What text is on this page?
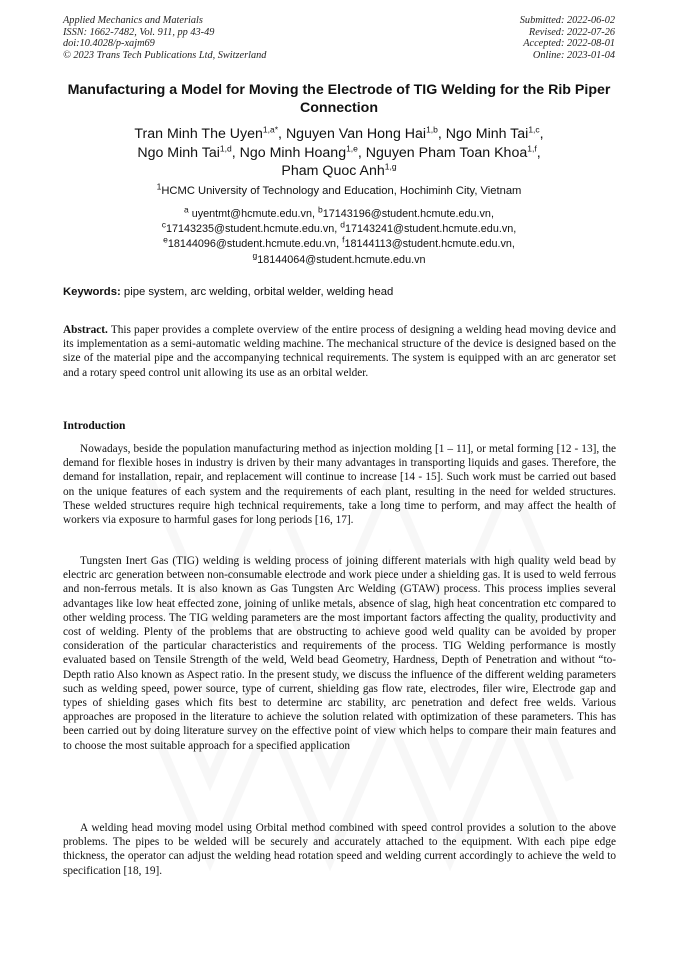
Applied Mechanics and Materials
ISSN: 1662-7482, Vol. 911, pp 43-49
doi:10.4028/p-xajm69
© 2023 Trans Tech Publications Ltd, Switzerland
Submitted: 2022-06-02
Revised: 2022-07-26
Accepted: 2022-08-01
Online: 2023-01-04
Manufacturing a Model for Moving the Electrode of TIG Welding for the Rib Piper Connection
Tran Minh The Uyen$^{1,a*}$, Nguyen Van Hong Hai$^{1,b}$, Ngo Minh Tai$^{1,c}$,
Ngo Minh Tai$^{1,d}$, Ngo Minh Hoang$^{1,e}$, Nguyen Pham Toan Khoa$^{1,f}$,
Pham Quoc Anh$^{1,g}$
$^1$HCMC University of Technology and Education, Hochiminh City, Vietnam
$^a$ uyentmt@hcmute.edu.vn, $^b$17143196@student.hcmute.edu.vn,
$^c$17143235@student.hcmute.edu.vn, $^d$17143241@student.hcmute.edu.vn,
$^e$18144096@student.hcmute.edu.vn, $^f$18144113@student.hcmute.edu.vn,
$^g$18144064@student.hcmute.edu.vn
Keywords: pipe system, arc welding, orbital welder, welding head

Abstract. This paper provides a complete overview of the entire process of designing a welding head moving device and its implementation as a semi-automatic welding machine. The mechanical structure of the device is designed based on the size of the material pipe and the accompanying technical requirements. The system is equipped with an arc generator set and a rotary speed control unit allowing its use as an orbital welder.

Introduction

Nowadays, beside the population manufacturing method as injection molding [1 – 11], or metal forming [12 - 13], the demand for flexible hoses in industry is driven by their many advantages in transporting liquids and gases. Therefore, the demand for installation, repair, and replacement will continue to increase [14 - 15]. Such work must be carried out based on the unique features of each system and the requirements of each plant, resulting in the need for welded structures. These welded structures require high technical requirements, take a long time to perform, and may affect the health of workers via exposure to harmful gases for long periods [16, 17].

Tungsten Inert Gas (TIG) welding is welding process of joining different materials with high quality weld bead by electric arc generation between non-consumable electrode and work piece under a shielding gas. It is used to weld ferrous and non-ferrous metals. It is also known as Gas Tungsten Arc Welding (GTAW) process. This process implies several advantages like low heat effected zone, joining of unlike metals, absence of slag, high heat concentration etc compared to other welding process. The TIG welding parameters are the most important factors affecting the quality, productivity and cost of welding. Plenty of the problems that are obstructing to achieve good weld quality can be avoided by proper consideration of the particular characteristics and requirements of the process. TIG Welding performance is mostly evaluated based on Tensile Strength of the weld, Weld bead Geometry, Hardness, Depth of Penetration and without “to-Depth ratio Also known as Aspect ratio. In the present study, we discuss the influence of the different welding parameters such as welding speed, power source, type of current, shielding gas flow rate, electrodes, filer wire, Electrode gap and types of shielding gases which fits best to determine arc stability, arc penetration and defect free welds. Various approaches are proposed in the literature to achieve the solution related with optimization of these parameters. This has been carried out by doing literature survey on the effective point of view which helps to compare their main features and to choose the most suitable approach for a specified application

A welding head moving model using Orbital method combined with speed control provides a solution to the above problems. The pipes to be welded will be securely and accurately attached to the equipment. With each pipe edge thickness, the operator can adjust the welding head rotation speed and welding current accordingly to achieve the weld to specification [18, 19].
